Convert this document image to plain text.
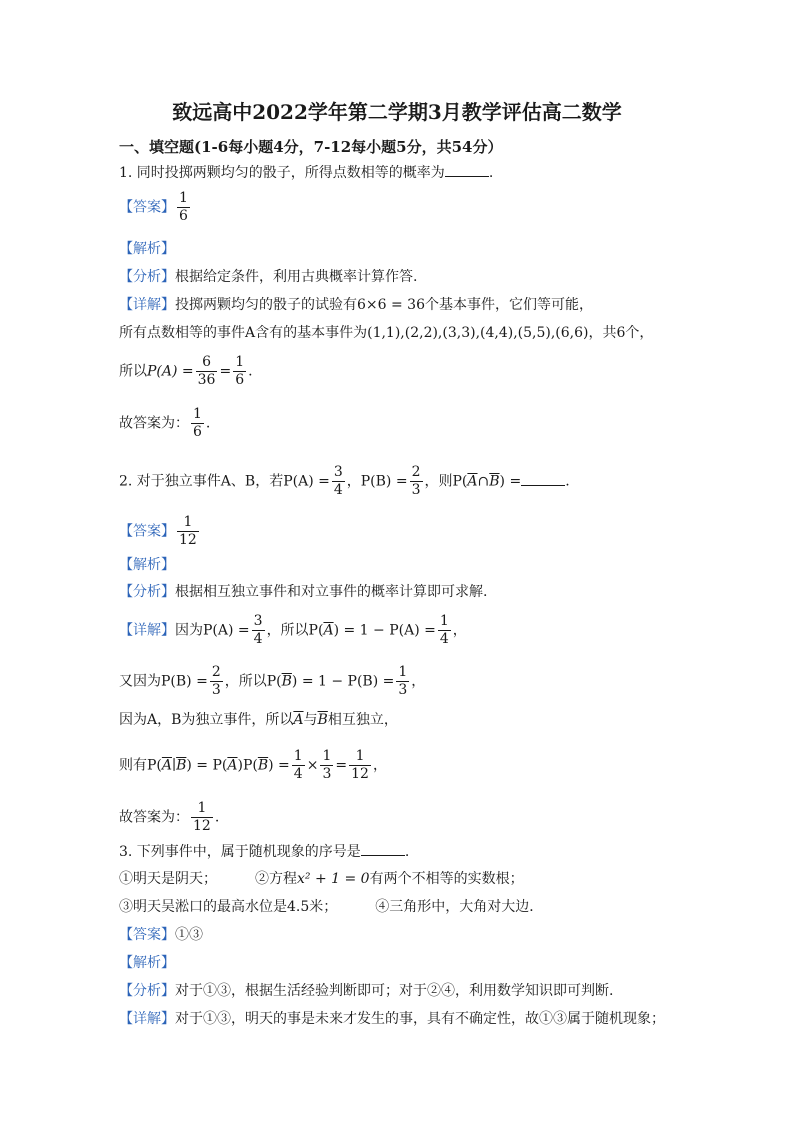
致远高中2022学年第二学期3月教学评估高二数学
一、填空题(1-6每小题4分，7-12每小题5分，共54分）
1. 同时投掷两颗均匀的骰子，所得点数相等的概率为	.
【答案】 $\frac{1}{6}$
【解析】
【分析】根据给定条件，利用古典概率计算作答.
【详解】投掷两颗均匀的骰子的试验有6×6 = 36个基本事件，它们等可能，
所有点数相等的事件A含有的基本事件为(1,1),(2,2),(3,3),(4,4),(5,5),(6,6)，共6个，
所以$P(A) = \frac{6}{36} = \frac{1}{6}$ .
故答案为： $\frac{1}{6}$ .
2. 对于独立事件A、B，若$P(A) = \frac{3}{4}$ ，$P(B) = \frac{2}{3}$ ，则$P(\overline{A}\cap\overline{B})$ =	.
【答案】 $\frac{1}{12}$
【解析】
【分析】根据相互独立事件和对立事件的概率计算即可求解.
【详解】因为$P(A) = \frac{3}{4}$ ，所以$P(\overline{A}) = 1 - P(A) = \frac{1}{4}$ ，
又因为$P(B) = \frac{2}{3}$ ，所以$P(\overline{B}) = 1 - P(B) = \frac{1}{3}$ ，
因为A，B为独立事件，所以$\overline{A}$与$\overline{B}$相互独立，
则有$P(\overline{A}∣\overline{B}) = P(\overline{A})P(\overline{B}) = \frac{1}{4} \times \frac{1}{3} = \frac{1}{12}$ ，
故答案为： $\frac{1}{12}$ .
3. 下列事件中，属于随机现象的序号是	.
①明天是阴天；	②方程x² + 1 = 0有两个不相等的实数根；
③明天吴淞口的最高水位是4.5米；	④三角形中，大角对大边．
【答案】①③
【解析】
【分析】对于①③，根据生活经验判断即可；对于②④，利用数学知识即可判断.
【详解】对于①③，明天的事是未来才发生的事，具有不确定性，故①③属于随机现象；
